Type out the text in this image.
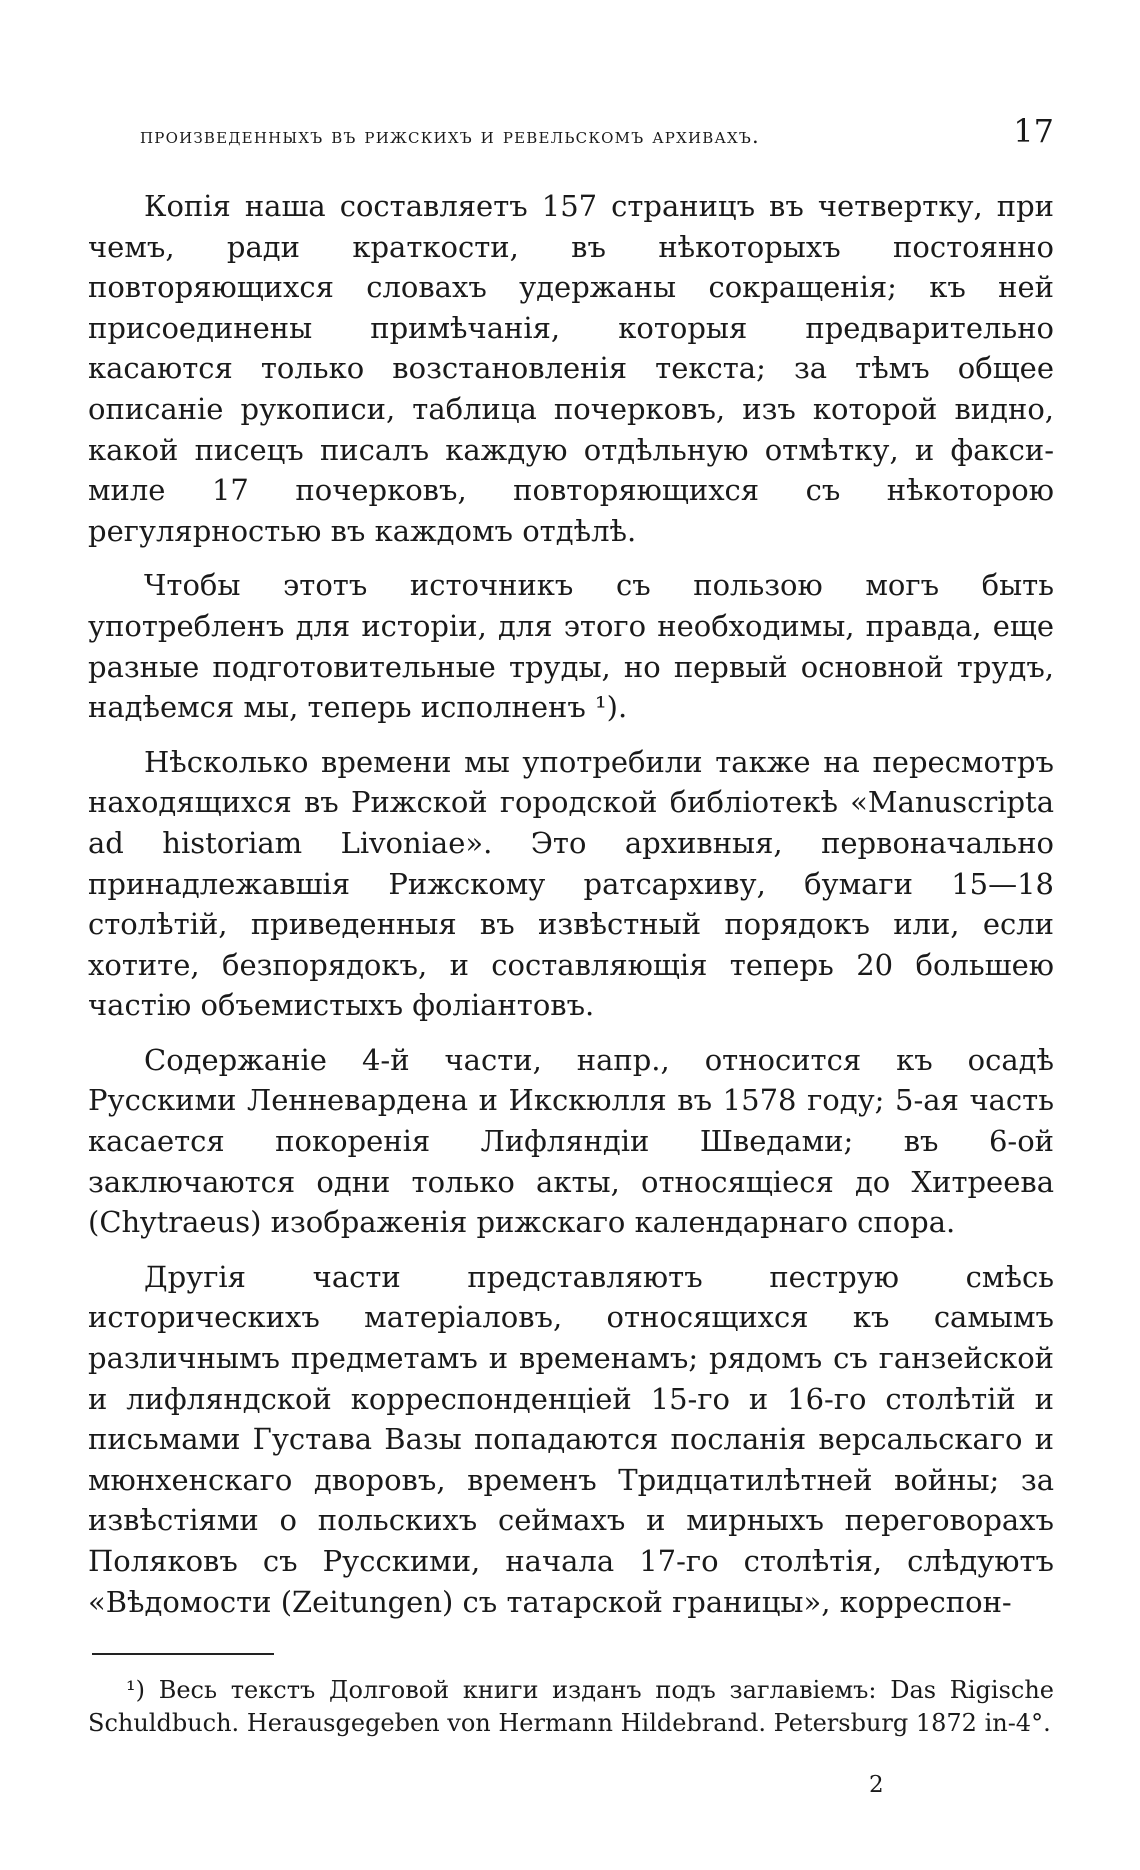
произведенныхъ въ рижскихъ и ревельскомъ архивахъ.	17

Копія наша составляетъ 157 страницъ въ четвертку, при чемъ, ради краткости, въ нѣкоторыхъ постоянно повторяющихся словахъ удержаны сокращенія; къ ней присоединены примѣчанія, которыя предварительно касаются только возстановленія текста; за тѣмъ общее описаніе рукописи, таблица почерковъ, изъ которой видно, какой писецъ писалъ каждую отдѣльную отмѣтку, и факсимиле 17 почерковъ, повторяющихся съ нѣкоторою регулярностью въ каждомъ отдѣлѣ.

Чтобы этотъ источникъ съ пользою могъ быть употребленъ для исторіи, для этого необходимы, правда, еще разные подготовительные труды, но первый основной трудъ, надѣемся мы, теперь исполненъ ¹).

Нѣсколько времени мы употребили также на пересмотръ находящихся въ Рижской городской библіотекѣ «Manuscripta ad historiam Livoniae». Это архивныя, первоначально принадлежавшія Рижскому ратсархиву, бумаги 15—18 столѣтій, приведенныя въ извѣстный порядокъ или, если хотите, безпорядокъ, и составляющія теперь 20 большею частію объемистыхъ фоліантовъ.

Содержаніе 4-й части, напр., относится къ осадѣ Русскими Ленневардена и Икскюлля въ 1578 году; 5-ая часть касается покоренія Лифляндіи Шведами; въ 6-ой заключаются одни только акты, относящіеся до Хитреева (Chytraeus) изображенія рижскаго календарнаго спора.

Другія части представляютъ пеструю смѣсь историческихъ матеріаловъ, относящихся къ самымъ различнымъ предметамъ и временамъ; рядомъ съ ганзейской и лифляндской корреспонденціей 15-го и 16-го столѣтій и письмами Густава Вазы попадаются посланія версальскаго и мюнхенскаго дворовъ, временъ Тридцатилѣтней войны; за извѣстіями о польскихъ сеймахъ и мирныхъ переговорахъ Поляковъ съ Русскими, начала 17-го столѣтія, слѣдуютъ «Вѣдомости (Zeitungen) съ татарской границы», корреспон-

¹) Весь текстъ Долговой книги изданъ подъ заглавіемъ: Das Rigische Schuldbuch. Herausgegeben von Hermann Hildebrand. Petersburg 1872 in-4°.
2
